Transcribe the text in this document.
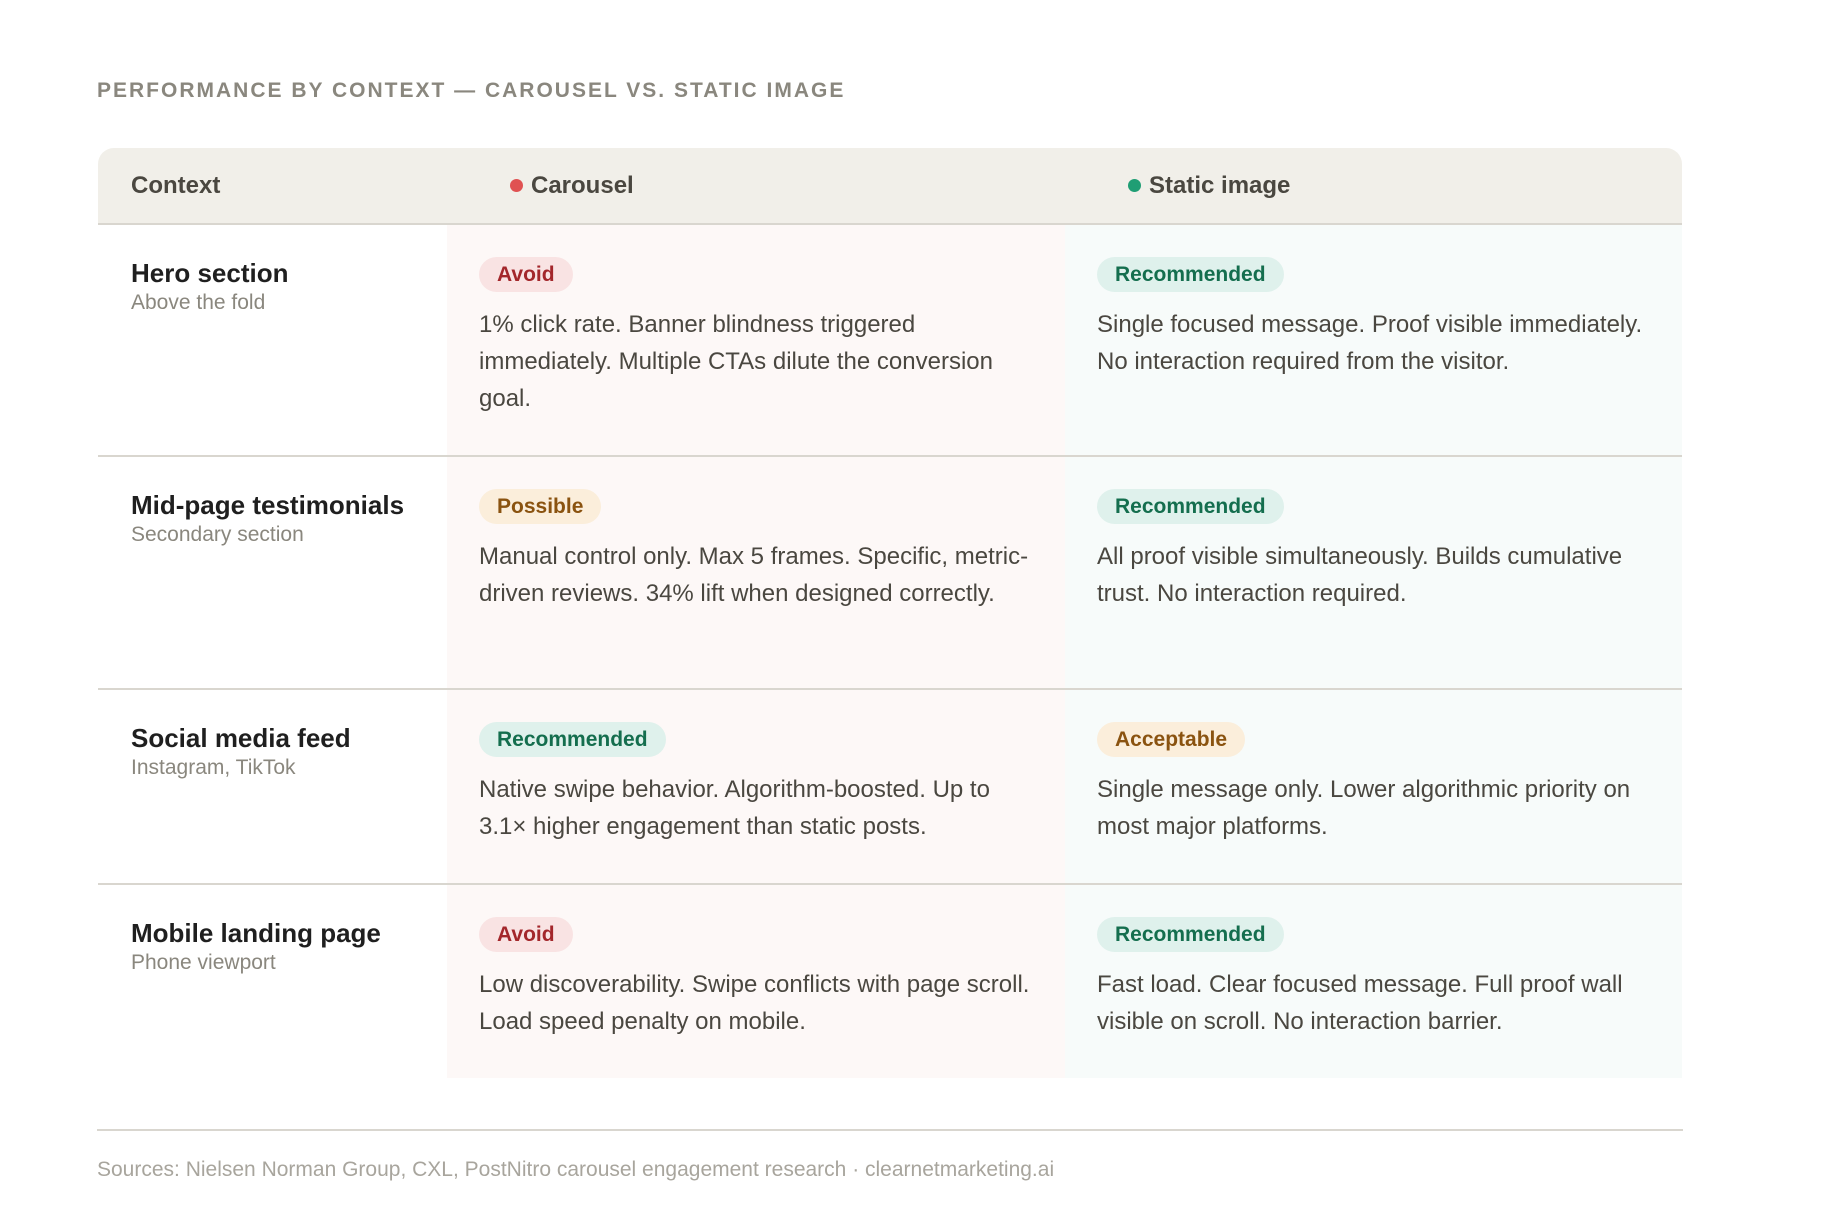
PERFORMANCE BY CONTEXT — CAROUSEL VS. STATIC IMAGE
Context	Carousel	Static image
Hero section
Above the fold
Avoid
1% click rate. Banner blindness triggered immediately. Multiple CTAs dilute the conversion goal.
Recommended
Single focused message. Proof visible immediately. No interaction required from the visitor.
Mid-page testimonials
Secondary section
Possible
Manual control only. Max 5 frames. Specific, metric-driven reviews. 34% lift when designed correctly.
Recommended
All proof visible simultaneously. Builds cumulative trust. No interaction required.
Social media feed
Instagram, TikTok
Recommended
Native swipe behavior. Algorithm-boosted. Up to 3.1× higher engagement than static posts.
Acceptable
Single message only. Lower algorithmic priority on most major platforms.
Mobile landing page
Phone viewport
Avoid
Low discoverability. Swipe conflicts with page scroll. Load speed penalty on mobile.
Recommended
Fast load. Clear focused message. Full proof wall visible on scroll. No interaction barrier.
Sources: Nielsen Norman Group, CXL, PostNitro carousel engagement research · clearnetmarketing.ai
